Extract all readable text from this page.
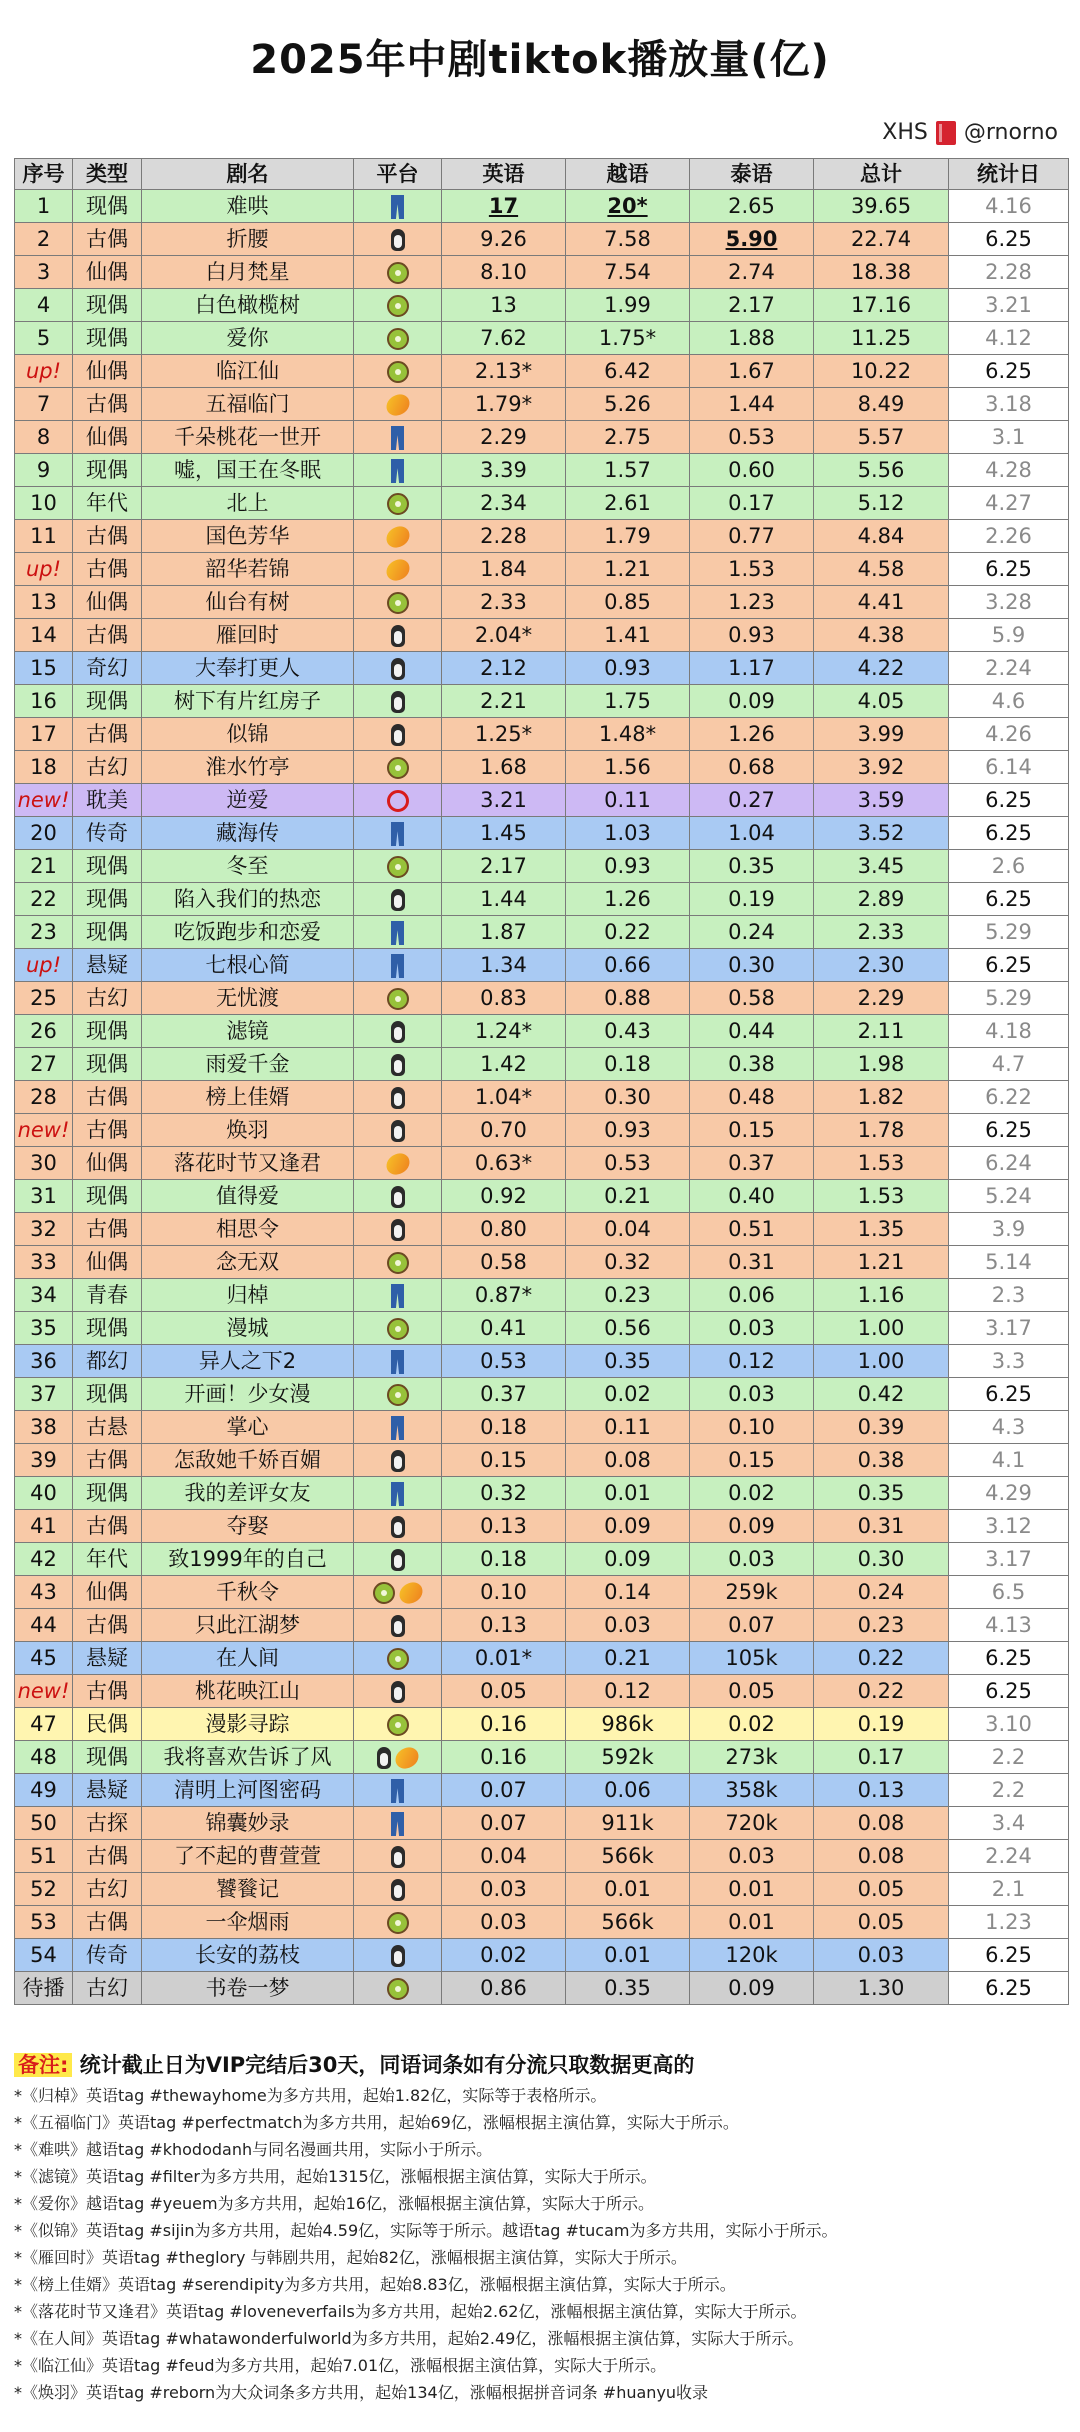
2025年中剧tiktok播放量(亿)
XHS @rnorno
序号	类型	剧名	平台	英语	越语	泰语	总计	统计日
1	现偶	难哄		17	20*	2.65	39.65	4.16
2	古偶	折腰		9.26	7.58	5.90	22.74	6.25
3	仙偶	白月梵星		8.10	7.54	2.74	18.38	2.28
4	现偶	白色橄榄树		13	1.99	2.17	17.16	3.21
5	现偶	爱你		7.62	1.75*	1.88	11.25	4.12
up!	仙偶	临江仙		2.13*	6.42	1.67	10.22	6.25
7	古偶	五福临门		1.79*	5.26	1.44	8.49	3.18
8	仙偶	千朵桃花一世开		2.29	2.75	0.53	5.57	3.1
9	现偶	嘘，国王在冬眠		3.39	1.57	0.60	5.56	4.28
10	年代	北上		2.34	2.61	0.17	5.12	4.27
11	古偶	国色芳华		2.28	1.79	0.77	4.84	2.26
up!	古偶	韶华若锦		1.84	1.21	1.53	4.58	6.25
13	仙偶	仙台有树		2.33	0.85	1.23	4.41	3.28
14	古偶	雁回时		2.04*	1.41	0.93	4.38	5.9
15	奇幻	大奉打更人		2.12	0.93	1.17	4.22	2.24
16	现偶	树下有片红房子		2.21	1.75	0.09	4.05	4.6
17	古偶	似锦		1.25*	1.48*	1.26	3.99	4.26
18	古幻	淮水竹亭		1.68	1.56	0.68	3.92	6.14
new!	耽美	逆爱		3.21	0.11	0.27	3.59	6.25
20	传奇	藏海传		1.45	1.03	1.04	3.52	6.25
21	现偶	冬至		2.17	0.93	0.35	3.45	2.6
22	现偶	陷入我们的热恋		1.44	1.26	0.19	2.89	6.25
23	现偶	吃饭跑步和恋爱		1.87	0.22	0.24	2.33	5.29
up!	悬疑	七根心简		1.34	0.66	0.30	2.30	6.25
25	古幻	无忧渡		0.83	0.88	0.58	2.29	5.29
26	现偶	滤镜		1.24*	0.43	0.44	2.11	4.18
27	现偶	雨爱千金		1.42	0.18	0.38	1.98	4.7
28	古偶	榜上佳婿		1.04*	0.30	0.48	1.82	6.22
new!	古偶	焕羽		0.70	0.93	0.15	1.78	6.25
30	仙偶	落花时节又逢君		0.63*	0.53	0.37	1.53	6.24
31	现偶	值得爱		0.92	0.21	0.40	1.53	5.24
32	古偶	相思令		0.80	0.04	0.51	1.35	3.9
33	仙偶	念无双		0.58	0.32	0.31	1.21	5.14
34	青春	归棹		0.87*	0.23	0.06	1.16	2.3
35	现偶	漫城		0.41	0.56	0.03	1.00	3.17
36	都幻	异人之下2		0.53	0.35	0.12	1.00	3.3
37	现偶	开画！少女漫		0.37	0.02	0.03	0.42	6.25
38	古悬	掌心		0.18	0.11	0.10	0.39	4.3
39	古偶	怎敌她千娇百媚		0.15	0.08	0.15	0.38	4.1
40	现偶	我的差评女友		0.32	0.01	0.02	0.35	4.29
41	古偶	夺娶		0.13	0.09	0.09	0.31	3.12
42	年代	致1999年的自己		0.18	0.09	0.03	0.30	3.17
43	仙偶	千秋令		0.10	0.14	259k	0.24	6.5
44	古偶	只此江湖梦		0.13	0.03	0.07	0.23	4.13
45	悬疑	在人间		0.01*	0.21	105k	0.22	6.25
new!	古偶	桃花映江山		0.05	0.12	0.05	0.22	6.25
47	民偶	漫影寻踪		0.16	986k	0.02	0.19	3.10
48	现偶	我将喜欢告诉了风		0.16	592k	273k	0.17	2.2
49	悬疑	清明上河图密码		0.07	0.06	358k	0.13	2.2
50	古探	锦囊妙录		0.07	911k	720k	0.08	3.4
51	古偶	了不起的曹萱萱		0.04	566k	0.03	0.08	2.24
52	古幻	饕餮记		0.03	0.01	0.01	0.05	2.1
53	古偶	一伞烟雨		0.03	566k	0.01	0.05	1.23
54	传奇	长安的荔枝		0.02	0.01	120k	0.03	6.25
待播	古幻	书卷一梦		0.86	0.35	0.09	1.30	6.25
备注: 统计截止日为VIP完结后30天，同语词条如有分流只取数据更高的
*《归棹》英语tag #thewayhome为多方共用，起始1.82亿，实际等于表格所示。
*《五福临门》英语tag #perfectmatch为多方共用，起始69亿，涨幅根据主演估算，实际大于所示。
*《难哄》越语tag #khododanh与同名漫画共用，实际小于所示。
*《滤镜》英语tag #filter为多方共用，起始1315亿，涨幅根据主演估算，实际大于所示。
*《爱你》越语tag #yeuem为多方共用，起始16亿，涨幅根据主演估算，实际大于所示。
*《似锦》英语tag #sijin为多方共用，起始4.59亿，实际等于所示。越语tag #tucam为多方共用，实际小于所示。
*《雁回时》英语tag #theglory 与韩剧共用，起始82亿，涨幅根据主演估算，实际大于所示。
*《榜上佳婿》英语tag #serendipity为多方共用，起始8.83亿，涨幅根据主演估算，实际大于所示。
*《落花时节又逢君》英语tag #loveneverfails为多方共用，起始2.62亿，涨幅根据主演估算，实际大于所示。
*《在人间》英语tag #whatawonderfulworld为多方共用，起始2.49亿，涨幅根据主演估算，实际大于所示。
*《临江仙》英语tag #feud为多方共用，起始7.01亿，涨幅根据主演估算，实际大于所示。
*《焕羽》英语tag #reborn为大众词条多方共用，起始134亿，涨幅根据拼音词条 #huanyu收录
